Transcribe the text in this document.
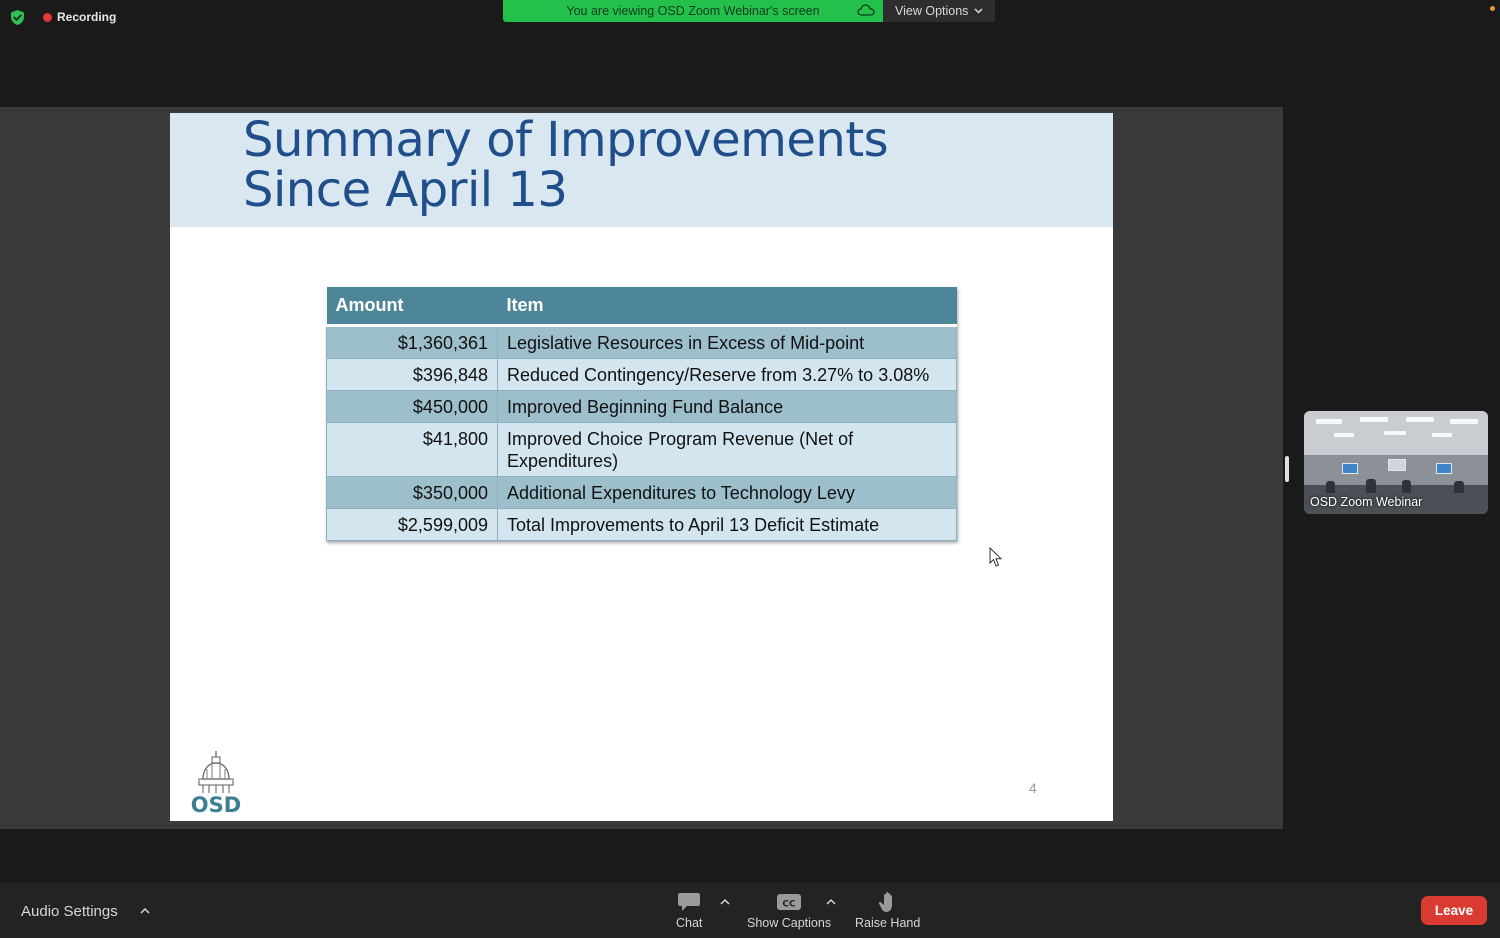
Recording	You are viewing OSD Zoom Webinar's screen	View Options
Summary of Improvements
Since April 13
Amount	Item
$1,360,361	Legislative Resources in Excess of Mid-point
$396,848	Reduced Contingency/Reserve from 3.27% to 3.08%
$450,000	Improved Beginning Fund Balance
$41,800	Improved Choice Program Revenue (Net of Expenditures)
$350,000	Additional Expenditures to Technology Levy
$2,599,009	Total Improvements to April 13 Deficit Estimate
OSD
4
OSD Zoom Webinar
Audio Settings
Chat
CC
Show Captions Raise Hand
Leave
